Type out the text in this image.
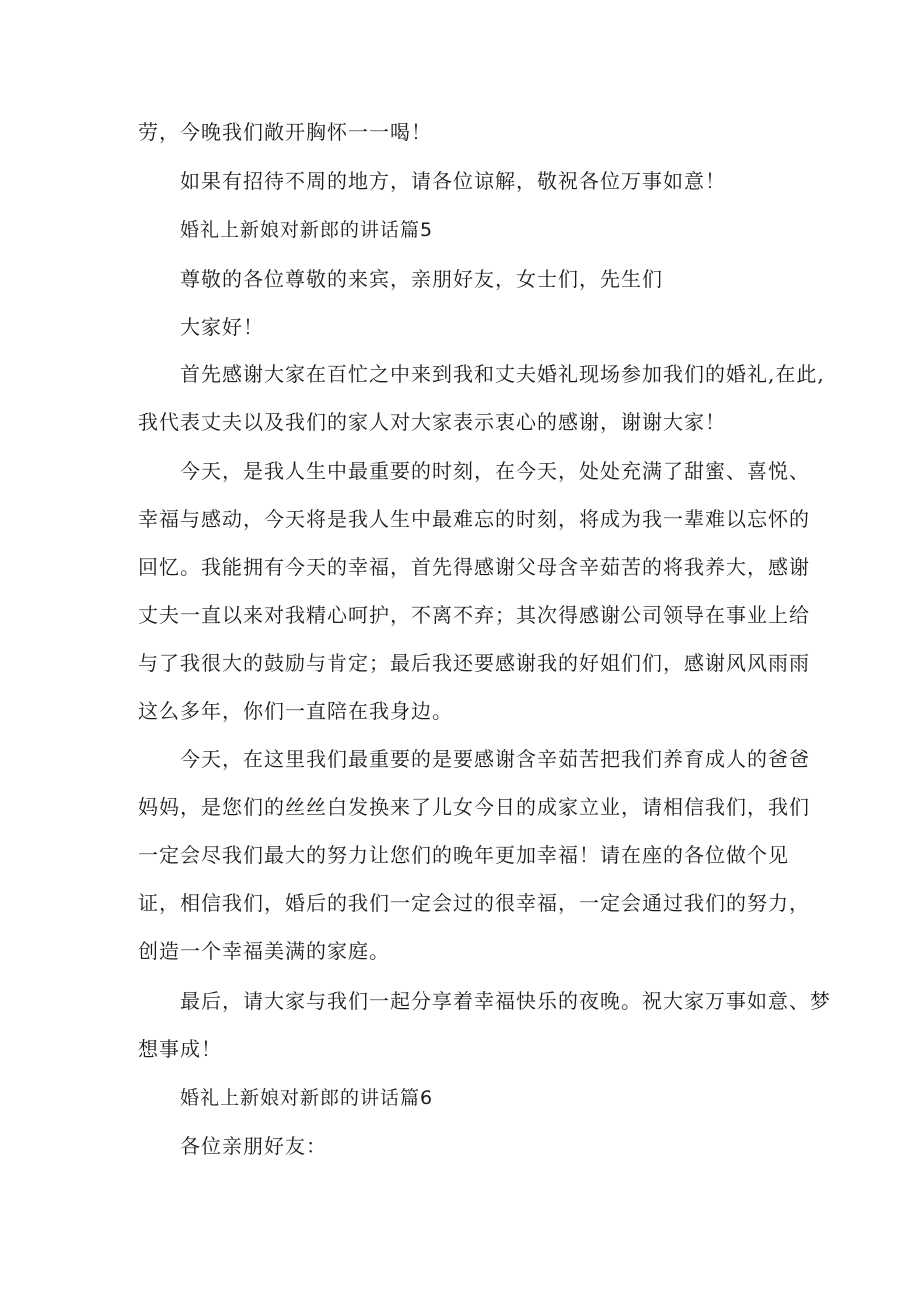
劳，今晚我们敞开胸怀一一喝！
如果有招待不周的地方，请各位谅解，敬祝各位万事如意！
婚礼上新娘对新郎的讲话篇5
尊敬的各位尊敬的来宾，亲朋好友，女士们，先生们
大家好！
首先感谢大家在百忙之中来到我和丈夫婚礼现场参加我们的婚礼,在此,
我代表丈夫以及我们的家人对大家表示衷心的感谢，谢谢大家！
今天，是我人生中最重要的时刻，在今天，处处充满了甜蜜、喜悦、
幸福与感动，今天将是我人生中最难忘的时刻，将成为我一辈难以忘怀的
回忆。我能拥有今天的幸福，首先得感谢父母含辛茹苦的将我养大，感谢
丈夫一直以来对我精心呵护，不离不弃；其次得感谢公司领导在事业上给
与了我很大的鼓励与肯定；最后我还要感谢我的好姐们们，感谢风风雨雨
这么多年，你们一直陪在我身边。
今天，在这里我们最重要的是要感谢含辛茹苦把我们养育成人的爸爸
妈妈，是您们的丝丝白发换来了儿女今日的成家立业，请相信我们，我们
一定会尽我们最大的努力让您们的晚年更加幸福！请在座的各位做个见
证，相信我们，婚后的我们一定会过的很幸福，一定会通过我们的努力，
创造一个幸福美满的家庭。
最后，请大家与我们一起分享着幸福快乐的夜晚。祝大家万事如意、梦
想事成！
婚礼上新娘对新郎的讲话篇6
各位亲朋好友：
